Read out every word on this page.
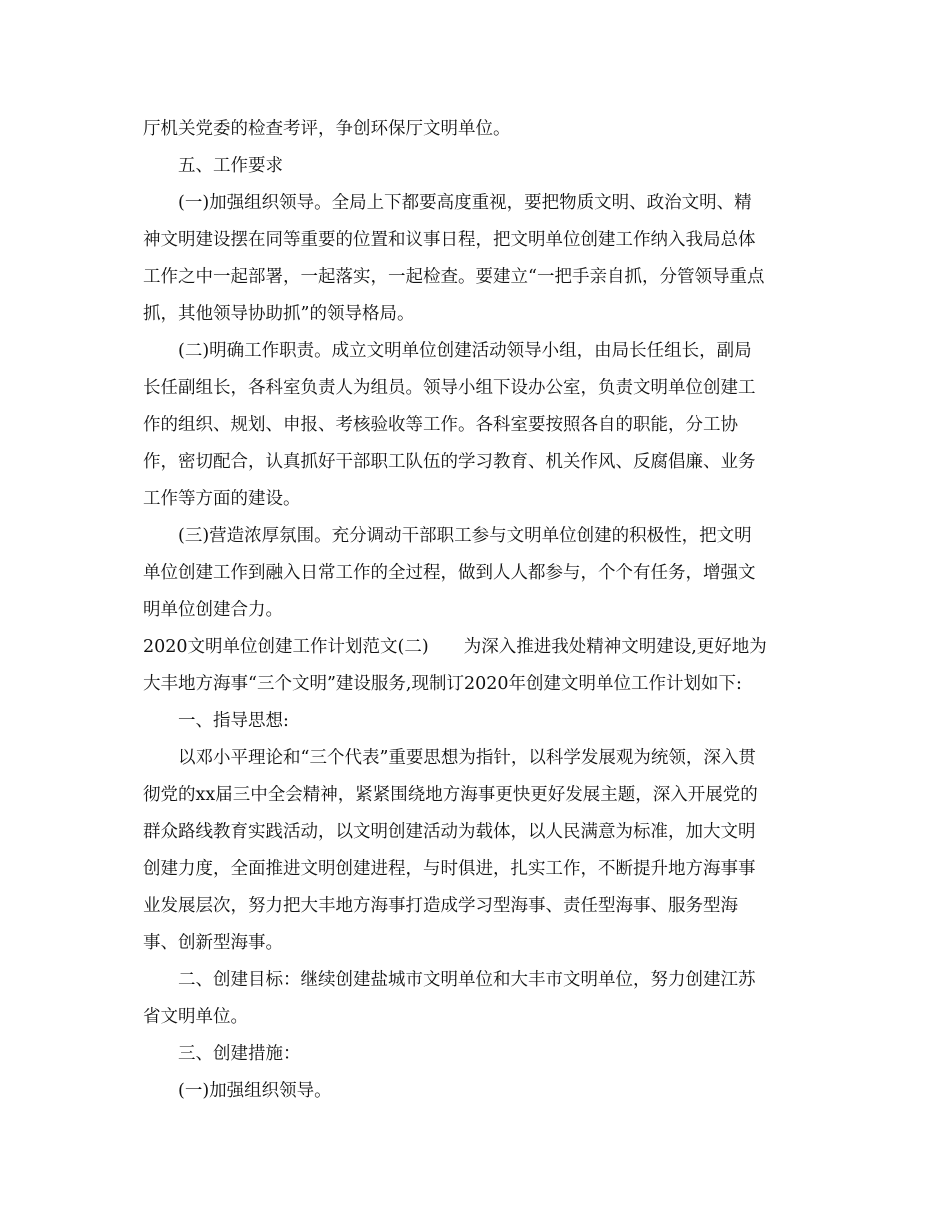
厅机关党委的检查考评，争创环保厅文明单位。
五、工作要求
(一)加强组织领导。全局上下都要高度重视，要把物质文明、政治文明、精
神文明建设摆在同等重要的位置和议事日程，把文明单位创建工作纳入我局总体
工作之中一起部署，一起落实，一起检查。要建立“一把手亲自抓，分管领导重点
抓，其他领导协助抓”的领导格局。
(二)明确工作职责。成立文明单位创建活动领导小组，由局长任组长，副局
长任副组长，各科室负责人为组员。领导小组下设办公室，负责文明单位创建工
作的组织、规划、申报、考核验收等工作。各科室要按照各自的职能，分工协
作，密切配合，认真抓好干部职工队伍的学习教育、机关作风、反腐倡廉、业务
工作等方面的建设。
(三)营造浓厚氛围。充分调动干部职工参与文明单位创建的积极性，把文明
单位创建工作到融入日常工作的全过程，做到人人都参与，个个有任务，增强文
明单位创建合力。
2020文明单位创建工作计划范文(二)　　为深入推进我处精神文明建设,更好地为
大丰地方海事“三个文明”建设服务,现制订2020年创建文明单位工作计划如下:
一、指导思想:
以邓小平理论和“三个代表”重要思想为指针，以科学发展观为统领，深入贯
彻党的xx届三中全会精神，紧紧围绕地方海事更快更好发展主题，深入开展党的
群众路线教育实践活动，以文明创建活动为载体，以人民满意为标准，加大文明
创建力度，全面推进文明创建进程，与时俱进，扎实工作，不断提升地方海事事
业发展层次，努力把大丰地方海事打造成学习型海事、责任型海事、服务型海
事、创新型海事。
二、创建目标：继续创建盐城市文明单位和大丰市文明单位，努力创建江苏
省文明单位。
三、创建措施：
(一)加强组织领导。
